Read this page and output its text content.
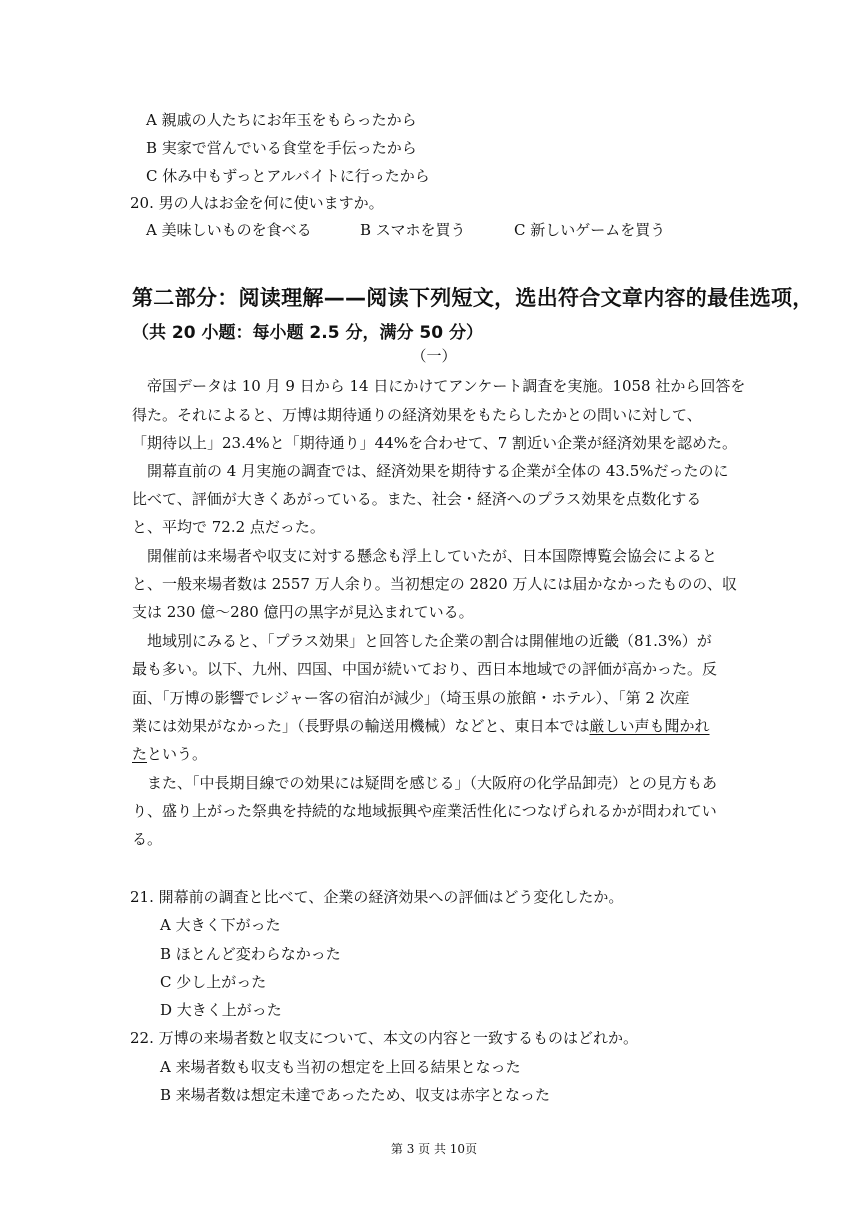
A 親戚の人たちにお年玉をもらったから
B 実家で営んでいる食堂を手伝ったから
C 休み中もずっとアルバイトに行ったから
20. 男の人はお金を何に使いますか。
A 美味しいものを食べる	B スマホを買う	C 新しいゲームを買う
第二部分：阅读理解——阅读下列短文，选出符合文章内容的最佳选项，
（共 20 小题：每小题 2.5 分，满分 50 分）
（一）
帝国データは 10 月 9 日から 14 日にかけてアンケート調査を実施。1058 社から回答を
得た。それによると、万博は期待通りの経済効果をもたらしたかとの問いに対して、
「期待以上」23.4%と「期待通り」44%を合わせて、7 割近い企業が経済効果を認めた。
開幕直前の 4 月実施の調査では、経済効果を期待する企業が全体の 43.5%だったのに
比べて、評価が大きくあがっている。また、社会・経済へのプラス効果を点数化する
と、平均で 72.2 点だった。
開催前は来場者や収支に対する懸念も浮上していたが、日本国際博覧会協会によると
と、一般来場者数は 2557 万人余り。当初想定の 2820 万人には届かなかったものの、収
支は 230 億～280 億円の黒字が見込まれている。
地域別にみると、「プラス効果」と回答した企業の割合は開催地の近畿（81.3%）が
最も多い。以下、九州、四国、中国が続いており、西日本地域での評価が高かった。反
面、「万博の影響でレジャー客の宿泊が減少」（埼玉県の旅館・ホテル）、「第 2 次産
業には効果がなかった」（長野県の輸送用機械）などと、東日本では厳しい声も聞かれ
たという。
また、「中長期目線での効果には疑問を感じる」（大阪府の化学品卸売）との見方もあ
り、盛り上がった祭典を持続的な地域振興や産業活性化につなげられるかが問われてい
る。
21. 開幕前の調査と比べて、企業の経済効果への評価はどう変化したか。
A 大きく下がった
B ほとんど変わらなかった
C 少し上がった
D 大きく上がった
22. 万博の来場者数と収支について、本文の内容と一致するものはどれか。
A 来場者数も収支も当初の想定を上回る結果となった
B 来場者数は想定未達であったため、収支は赤字となった
第 3 页 共 10页
